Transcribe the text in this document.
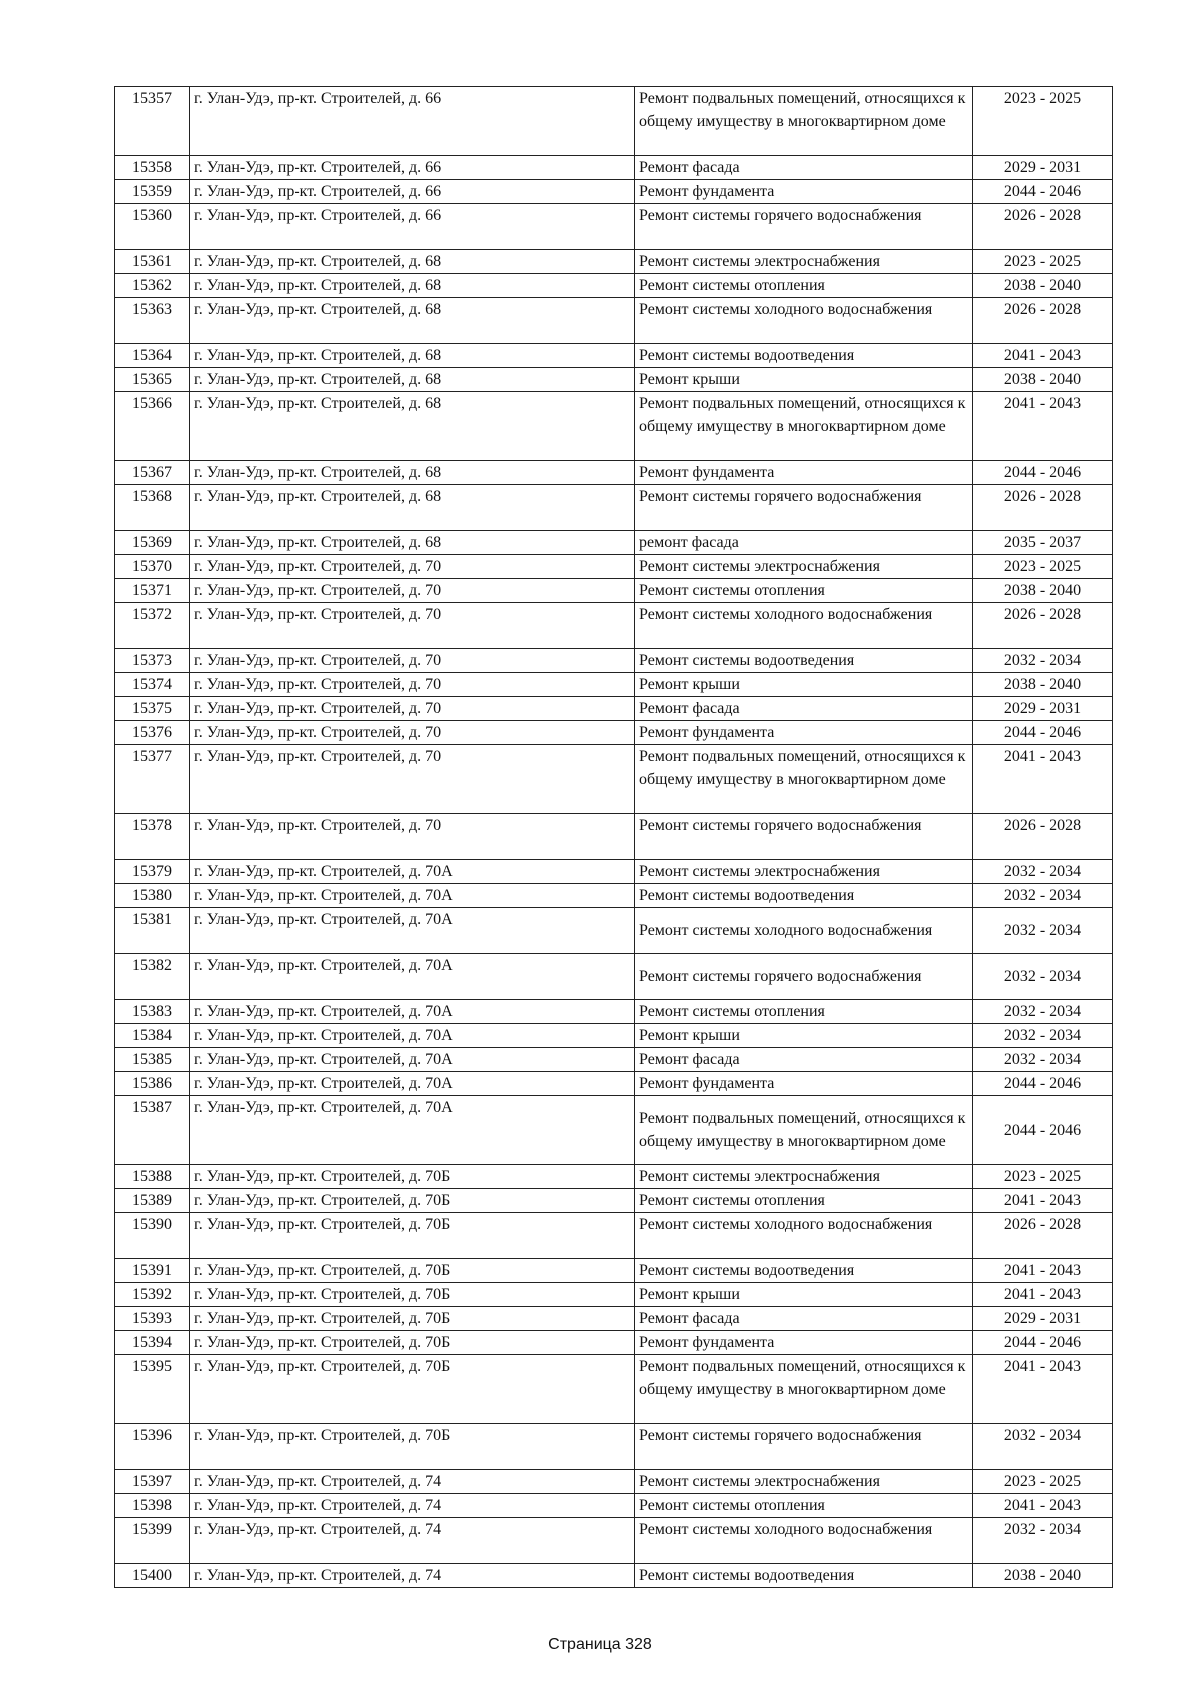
15357	г. Улан-Удэ, пр-кт. Строителей, д. 66	Ремонт подвальных помещений, относящихся к общему имуществу в многоквартирном доме	2023 - 2025
15358	г. Улан-Удэ, пр-кт. Строителей, д. 66	Ремонт фасада	2029 - 2031
15359	г. Улан-Удэ, пр-кт. Строителей, д. 66	Ремонт фундамента	2044 - 2046
15360	г. Улан-Удэ, пр-кт. Строителей, д. 66	Ремонт системы горячего водоснабжения	2026 - 2028
15361	г. Улан-Удэ, пр-кт. Строителей, д. 68	Ремонт системы электроснабжения	2023 - 2025
15362	г. Улан-Удэ, пр-кт. Строителей, д. 68	Ремонт системы отопления	2038 - 2040
15363	г. Улан-Удэ, пр-кт. Строителей, д. 68	Ремонт системы холодного водоснабжения	2026 - 2028
15364	г. Улан-Удэ, пр-кт. Строителей, д. 68	Ремонт системы водоотведения	2041 - 2043
15365	г. Улан-Удэ, пр-кт. Строителей, д. 68	Ремонт крыши	2038 - 2040
15366	г. Улан-Удэ, пр-кт. Строителей, д. 68	Ремонт подвальных помещений, относящихся к общему имуществу в многоквартирном доме	2041 - 2043
15367	г. Улан-Удэ, пр-кт. Строителей, д. 68	Ремонт фундамента	2044 - 2046
15368	г. Улан-Удэ, пр-кт. Строителей, д. 68	Ремонт системы горячего водоснабжения	2026 - 2028
15369	г. Улан-Удэ, пр-кт. Строителей, д. 68	ремонт фасада	2035 - 2037
15370	г. Улан-Удэ, пр-кт. Строителей, д. 70	Ремонт системы электроснабжения	2023 - 2025
15371	г. Улан-Удэ, пр-кт. Строителей, д. 70	Ремонт системы отопления	2038 - 2040
15372	г. Улан-Удэ, пр-кт. Строителей, д. 70	Ремонт системы холодного водоснабжения	2026 - 2028
15373	г. Улан-Удэ, пр-кт. Строителей, д. 70	Ремонт системы водоотведения	2032 - 2034
15374	г. Улан-Удэ, пр-кт. Строителей, д. 70	Ремонт крыши	2038 - 2040
15375	г. Улан-Удэ, пр-кт. Строителей, д. 70	Ремонт фасада	2029 - 2031
15376	г. Улан-Удэ, пр-кт. Строителей, д. 70	Ремонт фундамента	2044 - 2046
15377	г. Улан-Удэ, пр-кт. Строителей, д. 70	Ремонт подвальных помещений, относящихся к общему имуществу в многоквартирном доме	2041 - 2043
15378	г. Улан-Удэ, пр-кт. Строителей, д. 70	Ремонт системы горячего водоснабжения	2026 - 2028
15379	г. Улан-Удэ, пр-кт. Строителей, д. 70А	Ремонт системы электроснабжения	2032 - 2034
15380	г. Улан-Удэ, пр-кт. Строителей, д. 70А	Ремонт системы водоотведения	2032 - 2034
15381	г. Улан-Удэ, пр-кт. Строителей, д. 70А	Ремонт системы холодного водоснабжения	2032 - 2034
15382	г. Улан-Удэ, пр-кт. Строителей, д. 70А	Ремонт системы горячего водоснабжения	2032 - 2034
15383	г. Улан-Удэ, пр-кт. Строителей, д. 70А	Ремонт системы отопления	2032 - 2034
15384	г. Улан-Удэ, пр-кт. Строителей, д. 70А	Ремонт крыши	2032 - 2034
15385	г. Улан-Удэ, пр-кт. Строителей, д. 70А	Ремонт фасада	2032 - 2034
15386	г. Улан-Удэ, пр-кт. Строителей, д. 70А	Ремонт фундамента	2044 - 2046
15387	г. Улан-Удэ, пр-кт. Строителей, д. 70А	Ремонт подвальных помещений, относящихся к общему имуществу в многоквартирном доме	2044 - 2046
15388	г. Улан-Удэ, пр-кт. Строителей, д. 70Б	Ремонт системы электроснабжения	2023 - 2025
15389	г. Улан-Удэ, пр-кт. Строителей, д. 70Б	Ремонт системы отопления	2041 - 2043
15390	г. Улан-Удэ, пр-кт. Строителей, д. 70Б	Ремонт системы холодного водоснабжения	2026 - 2028
15391	г. Улан-Удэ, пр-кт. Строителей, д. 70Б	Ремонт системы водоотведения	2041 - 2043
15392	г. Улан-Удэ, пр-кт. Строителей, д. 70Б	Ремонт крыши	2041 - 2043
15393	г. Улан-Удэ, пр-кт. Строителей, д. 70Б	Ремонт фасада	2029 - 2031
15394	г. Улан-Удэ, пр-кт. Строителей, д. 70Б	Ремонт фундамента	2044 - 2046
15395	г. Улан-Удэ, пр-кт. Строителей, д. 70Б	Ремонт подвальных помещений, относящихся к общему имуществу в многоквартирном доме	2041 - 2043
15396	г. Улан-Удэ, пр-кт. Строителей, д. 70Б	Ремонт системы горячего водоснабжения	2032 - 2034
15397	г. Улан-Удэ, пр-кт. Строителей, д. 74	Ремонт системы электроснабжения	2023 - 2025
15398	г. Улан-Удэ, пр-кт. Строителей, д. 74	Ремонт системы отопления	2041 - 2043
15399	г. Улан-Удэ, пр-кт. Строителей, д. 74	Ремонт системы холодного водоснабжения	2032 - 2034
15400	г. Улан-Удэ, пр-кт. Строителей, д. 74	Ремонт системы водоотведения	2038 - 2040
Страница 328
